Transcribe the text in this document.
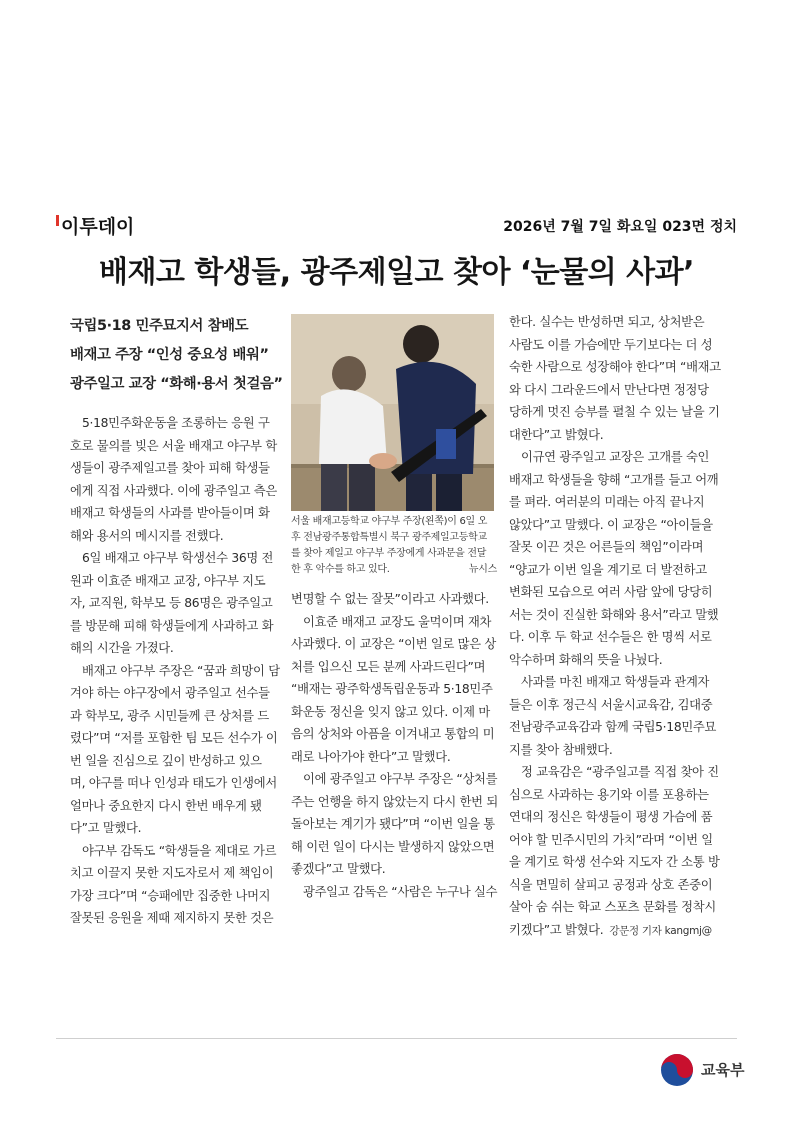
이투데이	2026년 7월 7일 화요일 023면 정치
배재고 학생들, 광주제일고 찾아 ‘눈물의 사과’
국립5·18 민주묘지서 참배도
배재고 주장 “인성 중요성 배워”
광주일고 교장 “화해·용서 첫걸음”
5·18민주화운동을 조롱하는 응원 구
호로 물의를 빚은 서울 배재고 야구부 학
생들이 광주제일고를 찾아 피해 학생들
에게 직접 사과했다. 이에 광주일고 측은
배재고 학생들의 사과를 받아들이며 화
해와 용서의 메시지를 전했다.
6일 배재고 야구부 학생선수 36명 전
원과 이효준 배재고 교장, 야구부 지도
자, 교직원, 학부모 등 86명은 광주일고
를 방문해 피해 학생들에게 사과하고 화
해의 시간을 가졌다.
배재고 야구부 주장은 “꿈과 희망이 담
겨야 하는 야구장에서 광주일고 선수들
과 학부모, 광주 시민들께 큰 상처를 드
렸다”며 “저를 포함한 팀 모든 선수가 이
번 일을 진심으로 깊이 반성하고 있으
며, 야구를 떠나 인성과 태도가 인생에서
얼마나 중요한지 다시 한번 배우게 됐
다”고 말했다.
야구부 감독도 “학생들을 제대로 가르
치고 이끌지 못한 지도자로서 제 책임이
가장 크다”며 “승패에만 집중한 나머지
잘못된 응원을 제때 제지하지 못한 것은
서울 배재고등학교 야구부 주장(왼쪽)이 6일 오
후 전남광주통합특별시 북구 광주제일고등학교
를 찾아 제일고 야구부 주장에게 사과문을 전달
한 후 악수를 하고 있다.	뉴시스
변명할 수 없는 잘못”이라고 사과했다.
이효준 배재고 교장도 울먹이며 재차
사과했다. 이 교장은 “이번 일로 많은 상
처를 입으신 모든 분께 사과드린다”며
“배재는 광주학생독립운동과 5·18민주
화운동 정신을 잊지 않고 있다. 이제 마
음의 상처와 아픔을 이겨내고 통합의 미
래로 나아가야 한다”고 말했다.
이에 광주일고 야구부 주장은 “상처를
주는 언행을 하지 않았는지 다시 한번 되
돌아보는 계기가 됐다”며 “이번 일을 통
해 이런 일이 다시는 발생하지 않았으면
좋겠다”고 말했다.
광주일고 감독은 “사람은 누구나 실수
한다. 실수는 반성하면 되고, 상처받은
사람도 이를 가슴에만 두기보다는 더 성
숙한 사람으로 성장해야 한다”며 “배재고
와 다시 그라운드에서 만난다면 정정당
당하게 멋진 승부를 펼칠 수 있는 날을 기
대한다”고 밝혔다.
이규연 광주일고 교장은 고개를 숙인
배재고 학생들을 향해 “고개를 들고 어깨
를 펴라. 여러분의 미래는 아직 끝나지
않았다”고 말했다. 이 교장은 “아이들을
잘못 이끈 것은 어른들의 책임”이라며
“양교가 이번 일을 계기로 더 발전하고
변화된 모습으로 여러 사람 앞에 당당히
서는 것이 진실한 화해와 용서”라고 말했
다. 이후 두 학교 선수들은 한 명씩 서로
악수하며 화해의 뜻을 나눴다.
사과를 마친 배재고 학생들과 관계자
들은 이후 정근식 서울시교육감, 김대중
전남광주교육감과 함께 국립5·18민주묘
지를 찾아 참배했다.
정 교육감은 “광주일고를 직접 찾아 진
심으로 사과하는 용기와 이를 포용하는
연대의 정신은 학생들이 평생 가슴에 품
어야 할 민주시민의 가치”라며 “이번 일
을 계기로 학생 선수와 지도자 간 소통 방
식을 면밀히 살피고 공정과 상호 존중이
살아 숨 쉬는 학교 스포츠 문화를 정착시
키겠다”고 밝혔다. 강문정 기자 kangmj@
교육부
